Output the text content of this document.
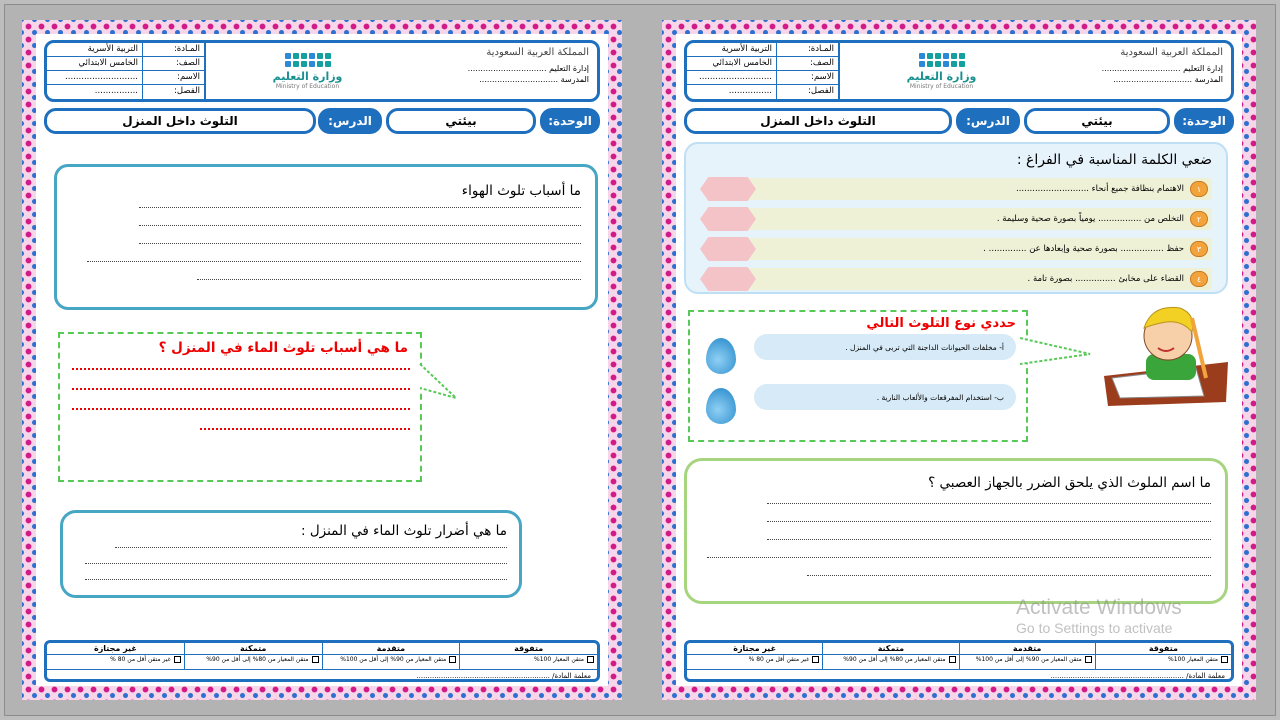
المملكة العربية السعودية
إدارة التعليم ...............................
المدرسة ...............................
وزارة التعليم
Ministry of Education
المـادة:
التربية الأسرية
الصف:
الخامس الابتدائي
الاسم:
...........................
الفصل:
................
الوحدة:
بيئتي
الدرس:
التلوث داخل المنزل
ما أسباب تلوث الهواء
ما هي أسباب تلوث الماء في المنزل ؟
ما هي أضرار تلوث الماء في المنزل :
متفوقة
متقن المعيار 100%
متقدمة
متقن المعيار من 90% إلى أقل من 100%
متمكنة
متقن المعيار من 80% إلى أقل من 90%
غير مجتازة
غير متقن أقل من 80 %
معلمة المادة/ ............................................................
المملكة العربية السعودية
إدارة التعليم ...............................
المدرسة ...............................
وزارة التعليم
Ministry of Education
المـادة:
التربية الأسرية
الصف:
الخامس الابتدائي
الاسم:
...........................
الفصل:
................
الوحدة:
بيئتي
الدرس:
التلوث داخل المنزل
ضعي الكلمة المناسبة في الفراغ :
١
الاهتمام بنظافة جميع أنحاء ...........................
٢
التخلص من ................ يومياً بصورة صحية وسليمة .
٣
حفظ ................ بصورة صحية وإبعادها عن .............. .
٤
القضاء على مخابئ ............... بصورة تامة .
حددي نوع التلوث التالي
أ- مخلفات الحيوانات الداجنة التي تربى في المنزل .
ب- استخدام المفرقعات والألعاب النارية .
ما اسم الملوث الذي يلحق الضرر بالجهاز العصبي ؟
متفوقة
متقن المعيار 100%
متقدمة
متقن المعيار من 90% إلى أقل من 100%
متمكنة
متقن المعيار من 80% إلى أقل من 90%
غير مجتازة
غير متقن أقل من 80 %
معلمة المادة/ ............................................................
Activate Windows
Go to Settings to activate
